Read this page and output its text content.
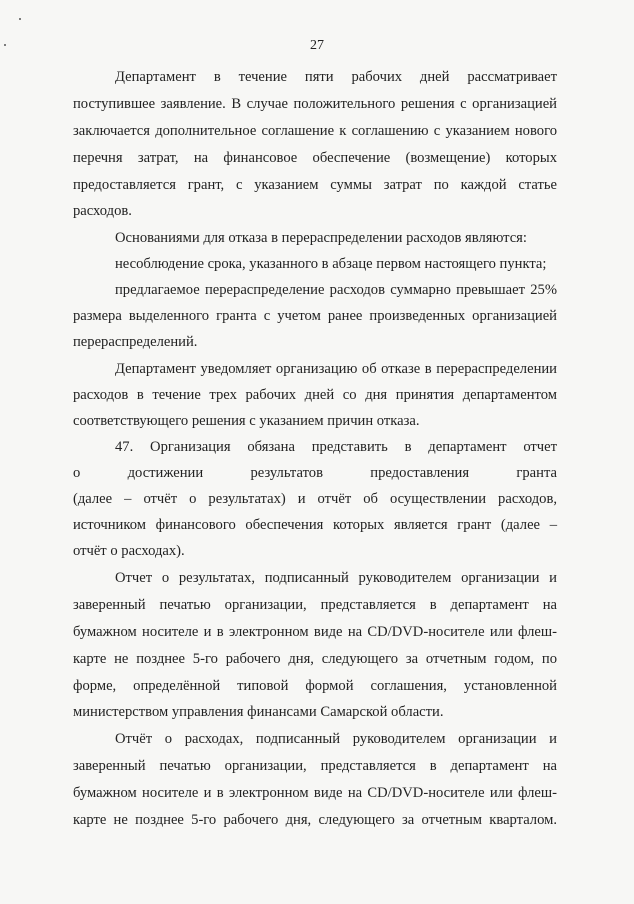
27
Департамент в течение пяти рабочих дней рассматривает
поступившее заявление. В случае положительного решения с организацией
заключается дополнительное соглашение к соглашению с указанием нового
перечня затрат, на финансовое обеспечение (возмещение) которых
предоставляется грант, с указанием суммы затрат по каждой статье
расходов.
Основаниями для отказа в перераспределении расходов являются:
несоблюдение срока, указанного в абзаце первом настоящего пункта;
предлагаемое перераспределение расходов суммарно превышает 25%
размера выделенного гранта с учетом ранее произведенных организацией
перераспределений.
Департамент уведомляет организацию об отказе в перераспределении
расходов в течение трех рабочих дней со дня принятия департаментом
соответствующего решения с указанием причин отказа.
47. Организация обязана представить в департамент отчет
о достижении результатов предоставления гранта
(далее – отчёт о результатах) и отчёт об осуществлении расходов,
источником финансового обеспечения которых является грант (далее –
отчёт о расходах).
Отчет о результатах, подписанный руководителем организации и
заверенный печатью организации, представляется в департамент на
бумажном носителе и в электронном виде на CD/DVD-носителе или флеш-
карте не позднее 5-го рабочего дня, следующего за отчетным годом, по
форме, определённой типовой формой соглашения, установленной
министерством управления финансами Самарской области.
Отчёт о расходах, подписанный руководителем организации и
заверенный печатью организации, представляется в департамент на
бумажном носителе и в электронном виде на CD/DVD-носителе или флеш-
карте не позднее 5-го рабочего дня, следующего за отчетным кварталом.
